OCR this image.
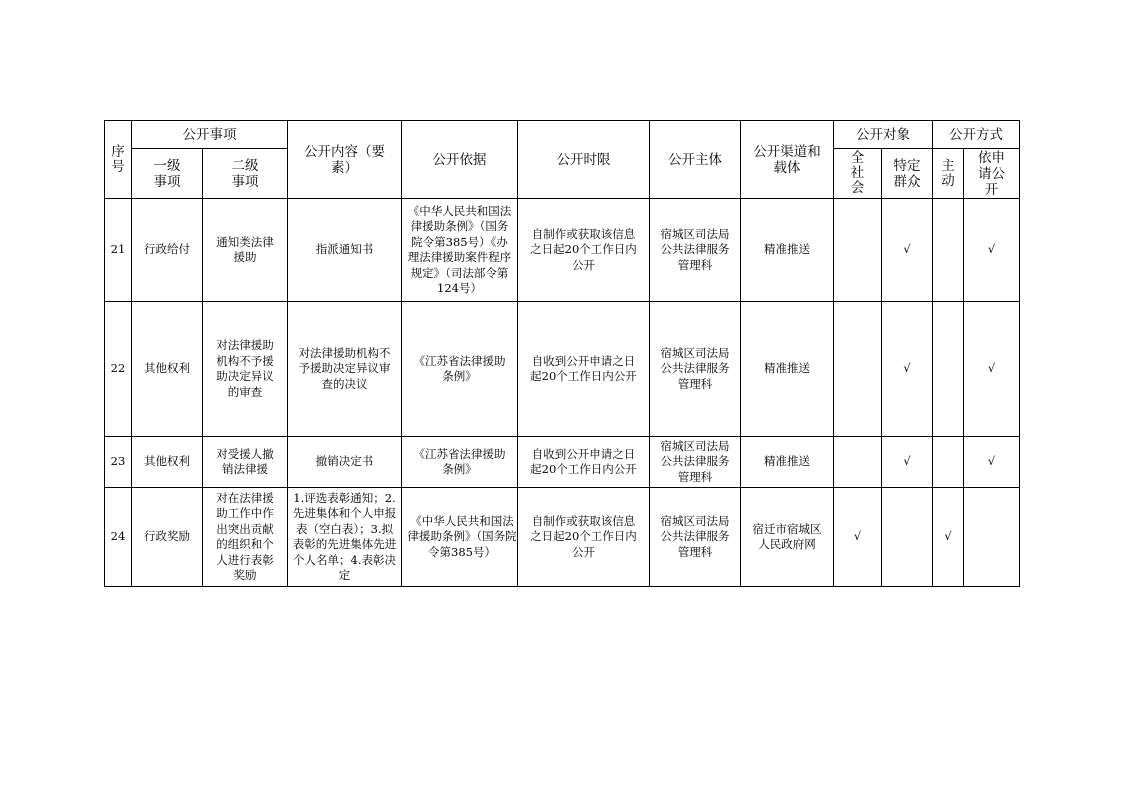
序号	公开事项		公开内容（要素）	公开依据	公开时限	公开主体	公开渠道和载体	公开对象		公开方式	
	一级事项	二级事项						全社会	特定群众	主动	依申请公开
21	行政给付	通知类法律援助	指派通知书	《中华人民共和国法律援助条例》（国务院令第385号）《办理法律援助案件程序规定》（司法部令第124号）	自制作或获取该信息之日起20个工作日内公开	宿城区司法局公共法律服务管理科	精准推送		√		√
22	其他权利	对法律援助机构不予援助决定异议的审查	对法律援助机构不予援助决定异议审查的决议	《江苏省法律援助条例》	自收到公开申请之日起20个工作日内公开	宿城区司法局公共法律服务管理科	精准推送		√		√
23	其他权利	对受援人撤销法律援	撤销决定书	《江苏省法律援助条例》	自收到公开申请之日起20个工作日内公开	宿城区司法局公共法律服务管理科	精准推送		√		√
24	行政奖励	对在法律援助工作中作出突出贡献的组织和个人进行表彰奖励	1.评选表彰通知；2.先进集体和个人申报表（空白表）；3.拟表彰的先进集体先进个人名单；4.表彰决定	《中华人民共和国法律援助条例》（国务院令第385号）	自制作或获取该信息之日起20个工作日内公开	宿城区司法局公共法律服务管理科	宿迁市宿城区人民政府网	√		√	
